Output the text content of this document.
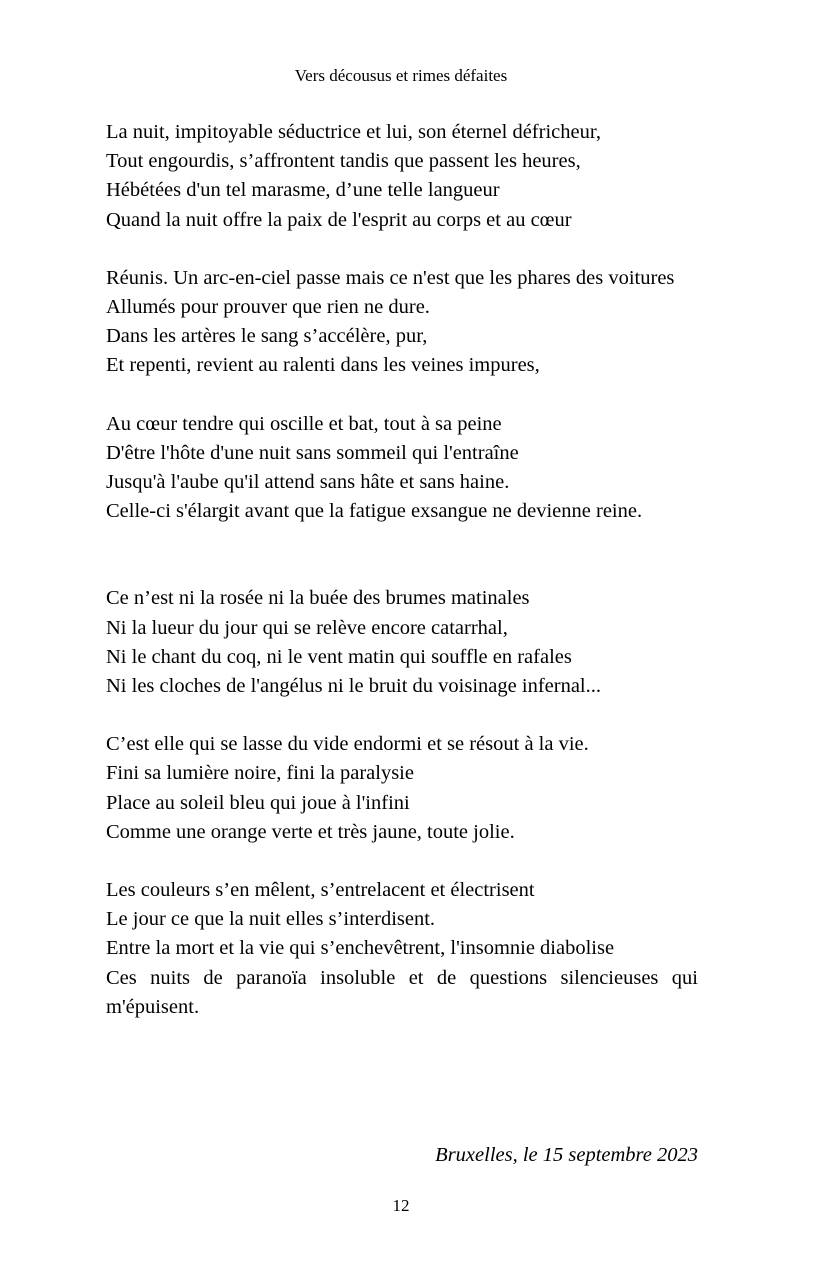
Vers décousus et rimes défaites
La nuit, impitoyable séductrice et lui, son éternel défricheur,
Tout engourdis, s’affrontent tandis que passent les heures,
Hébétées d'un tel marasme, d’une telle langueur
Quand la nuit offre la paix de l'esprit au corps et au cœur
Réunis. Un arc-en-ciel passe mais ce n'est que les phares des voitures
Allumés pour prouver que rien ne dure.
Dans les artères le sang s’accélère, pur,
Et repenti, revient au ralenti dans les veines impures,
Au cœur tendre qui oscille et bat, tout à sa peine
D'être l'hôte d'une nuit sans sommeil qui l'entraîne
Jusqu'à l'aube qu'il attend sans hâte et sans haine.
Celle-ci s'élargit avant que la fatigue exsangue ne devienne reine.
Ce n’est ni la rosée ni la buée des brumes matinales
Ni la lueur du jour qui se relève encore catarrhal,
Ni le chant du coq, ni le vent matin qui souffle en rafales
Ni les cloches de l'angélus ni le bruit du voisinage infernal...
C’est elle qui se lasse du vide endormi et se résout à la vie.
Fini sa lumière noire, fini la paralysie
Place au soleil bleu qui joue à l'infini
Comme une orange verte et très jaune, toute jolie.
Les couleurs s’en mêlent, s’entrelacent et électrisent
Le jour ce que la nuit elles s’interdisent.
Entre la mort et la vie qui s’enchevêtrent, l'insomnie diabolise
Ces nuits de paranoïa insoluble et de questions silencieuses qui m'épuisent.
Bruxelles, le 15 septembre 2023
12
